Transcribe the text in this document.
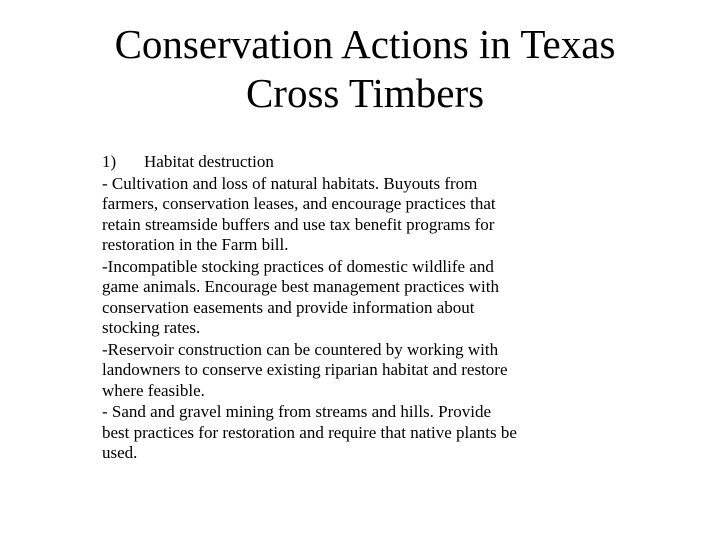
Conservation Actions in Texas
Cross Timbers
1)	Habitat destruction
- Cultivation and loss of natural habitats. Buyouts from
farmers, conservation leases, and encourage practices that
retain streamside buffers and use tax benefit programs for
restoration in the Farm bill.
-Incompatible stocking practices of domestic wildlife and
game animals. Encourage best management practices with
conservation easements and provide information about
stocking rates.
-Reservoir construction can be countered by working with
landowners to conserve existing riparian habitat and restore
where feasible.
- Sand and gravel mining from streams and hills. Provide
best practices for restoration and require that native plants be
used.
